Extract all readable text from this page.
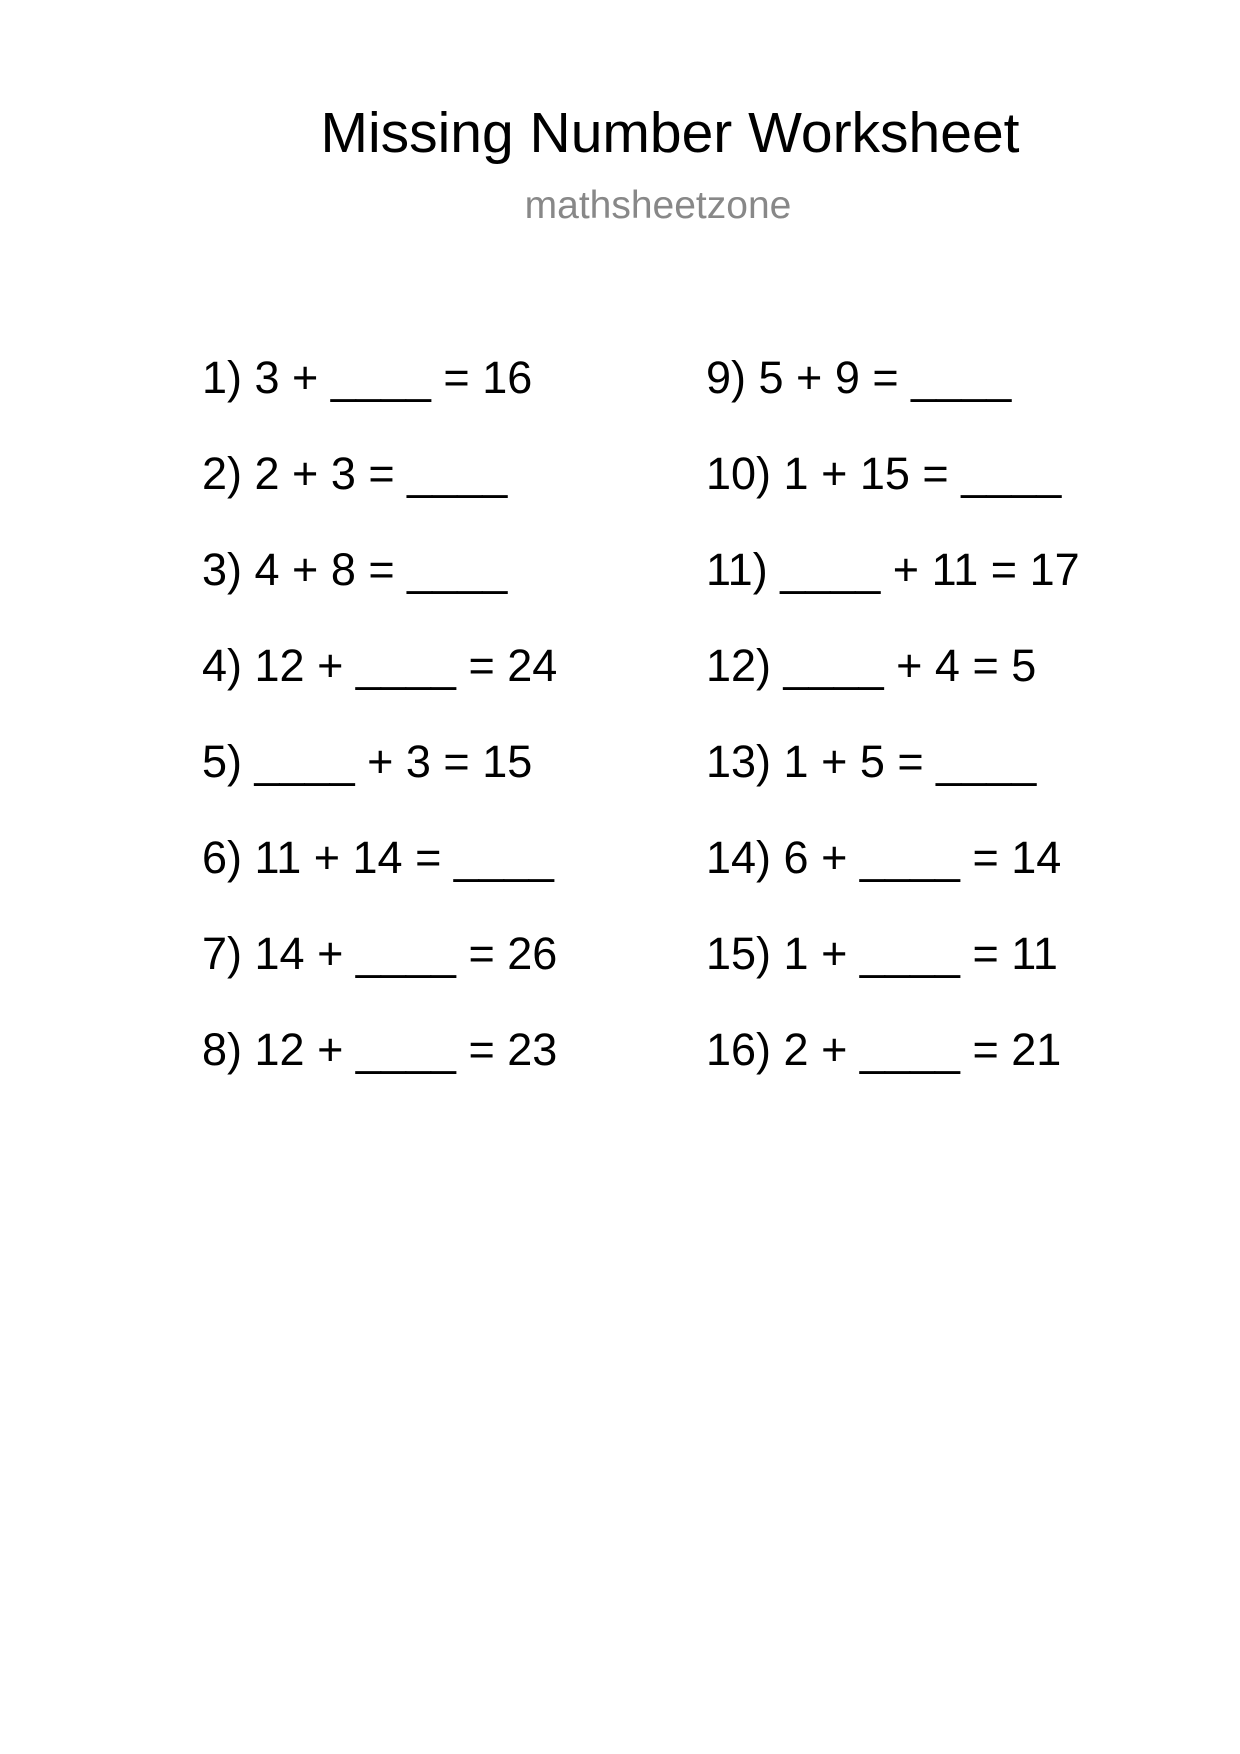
Missing Number Worksheet
mathsheetzone
1) 3 + ____ = 16
2) 2 + 3 = ____
3) 4 + 8 = ____
4) 12 + ____ = 24
5) ____ + 3 = 15
6) 11 + 14 = ____
7) 14 + ____ = 26
8) 12 + ____ = 23
9) 5 + 9 = ____
10) 1 + 15 = ____
11) ____ + 11 = 17
12) ____ + 4 = 5
13) 1 + 5 = ____
14) 6 + ____ = 14
15) 1 + ____ = 11
16) 2 + ____ = 21
